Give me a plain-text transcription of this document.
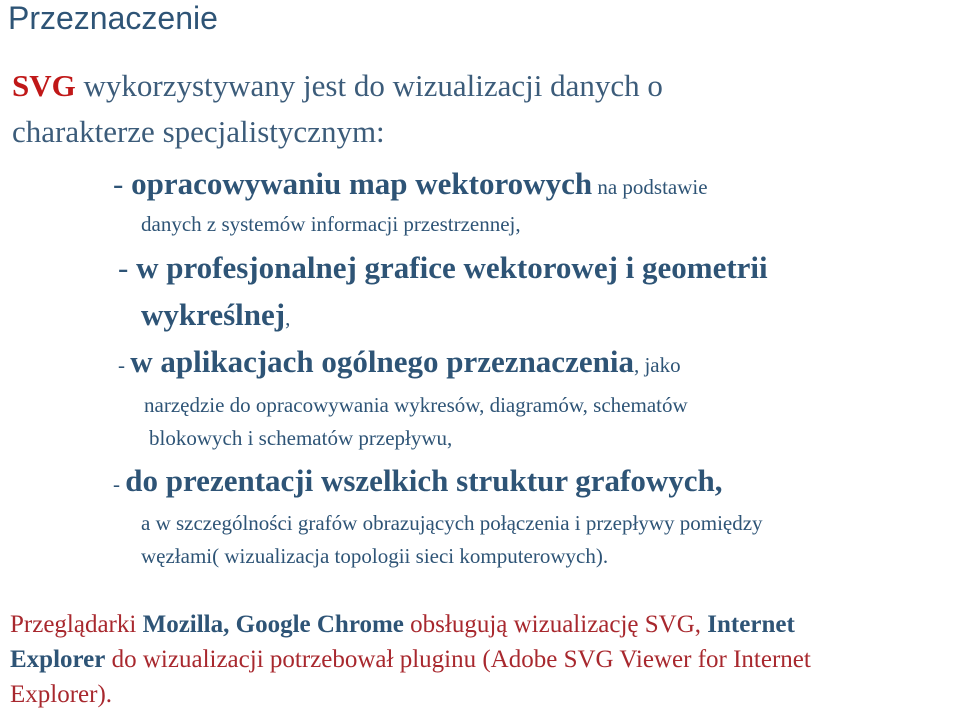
Przeznaczenie
SVG wykorzystywany jest do wizualizacji danych o
charakterze specjalistycznym:
- opracowywaniu map wektorowych na podstawie
danych z systemów informacji przestrzennej,
- w profesjonalnej grafice wektorowej i geometrii
wykreślnej,
- w aplikacjach ogólnego przeznaczenia, jako
narzędzie do opracowywania wykresów, diagramów, schematów
blokowych i schematów przepływu,
- do prezentacji wszelkich struktur grafowych,
a w szczególności grafów obrazujących połączenia i przepływy pomiędzy
węzłami( wizualizacja topologii sieci komputerowych).
Przeglądarki Mozilla, Google Chrome obsługują wizualizację SVG, Internet
Explorer do wizualizacji potrzebował pluginu (Adobe SVG Viewer for Internet
Explorer).
